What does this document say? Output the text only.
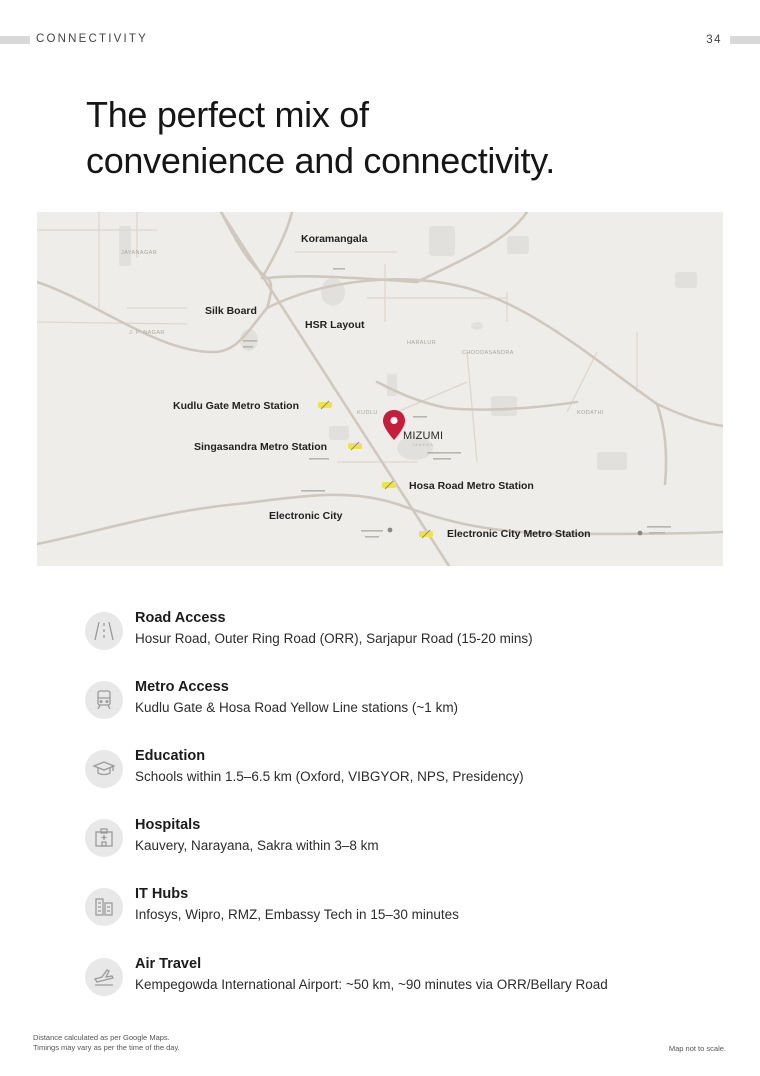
CONNECTIVITY	34
The perfect mix of
convenience and connectivity.
JAYANAGAR
J. P. NAGAR
HARALUR
CHOODASANDRA
KUDLU	KODATHI
Koramangala
Silk Board
HSR Layout
Kudlu Gate Metro Station
Singasandra Metro Station
Hosa Road Metro Station
Electronic City
Electronic City Metro Station
MIZUMI
TAKEDA
Road Access
Hosur Road, Outer Ring Road (ORR), Sarjapur Road (15-20 mins)
Metro Access
Kudlu Gate & Hosa Road Yellow Line stations (~1 km)
Education
Schools within 1.5–6.5 km (Oxford, VIBGYOR, NPS, Presidency)
Hospitals
Kauvery, Narayana, Sakra within 3–8 km
IT Hubs
Infosys, Wipro, RMZ, Embassy Tech in 15–30 minutes
Air Travel
Kempegowda International Airport: ~50 km, ~90 minutes via ORR/Bellary Road
Distance calculated as per Google Maps.
Timings may vary as per the time of the day.	Map not to scale.
